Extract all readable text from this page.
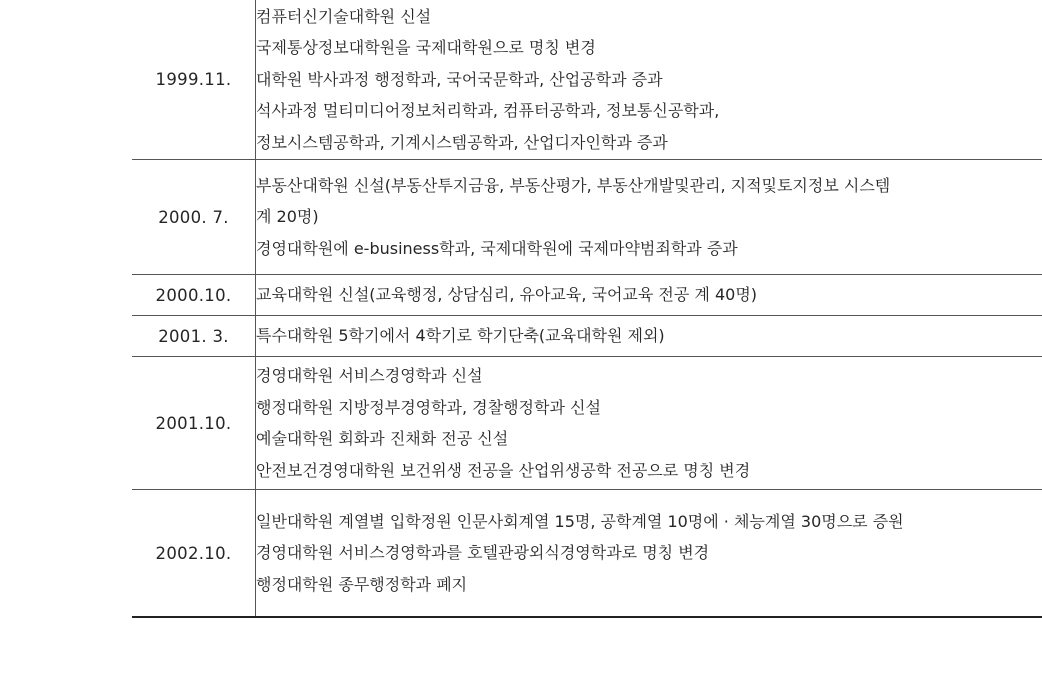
1999.11.	컴퓨터신기술대학원 신설
국제통상정보대학원을 국제대학원으로 명칭 변경
대학원 박사과정 행정학과, 국어국문학과, 산업공학과 증과
석사과정 멀티미디어정보처리학과, 컴퓨터공학과, 정보통신공학과,
정보시스템공학과, 기계시스템공학과, 산업디자인학과 증과

2000. 7.	부동산대학원 신설(부동산투지금융, 부동산평가, 부동산개발및관리, 지적및토지정보 시스템
계 20명)
경영대학원에 e-business학과, 국제대학원에 국제마약범죄학과 증과

2000.10.	교육대학원 신설(교육행정, 상담심리, 유아교육, 국어교육 전공 계 40명)

2001. 3.	특수대학원 5학기에서 4학기로 학기단축(교육대학원 제외)

2001.10.	경영대학원 서비스경영학과 신설
행정대학원 지방정부경영학과, 경찰행정학과 신설
예술대학원 회화과 진채화 전공 신설
안전보건경영대학원 보건위생 전공을 산업위생공학 전공으로 명칭 변경

2002.10.	일반대학원 계열별 입학정원 인문사회계열 15명, 공학계열 10명에 · 체능계열 30명으로 증원
경영대학원 서비스경영학과를 호텔관광외식경영학과로 명칭 변경
행정대학원 종무행정학과 폐지
